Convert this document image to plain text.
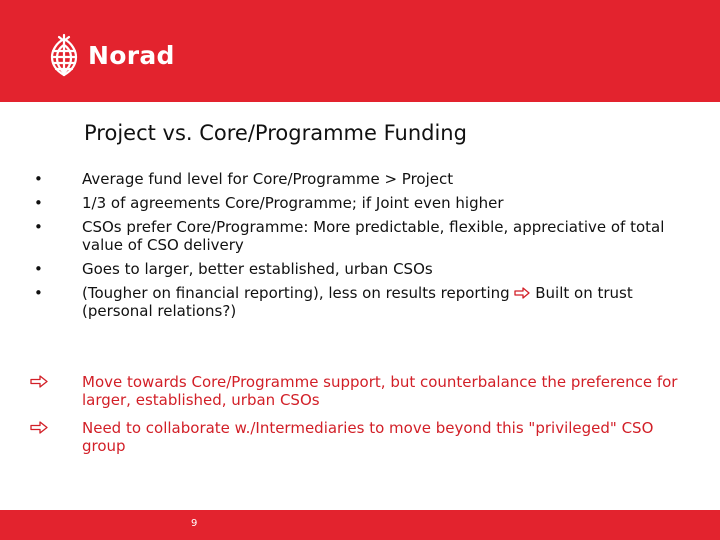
Norad
Project vs. Core/Programme Funding
•	Average fund level for Core/Programme > Project
•	1/3 of agreements Core/Programme; if Joint even higher
•	CSOs prefer Core/Programme: More predictable, flexible, appreciative of total value of CSO delivery
•	Goes to larger, better established, urban CSOs
•	(Tougher on financial reporting), less on results reporting Built on trust (personal relations?)
Move towards Core/Programme support, but counterbalance the preference for larger, established, urban CSOs
Need to collaborate w./Intermediaries to move beyond this "privileged" CSO group
9
